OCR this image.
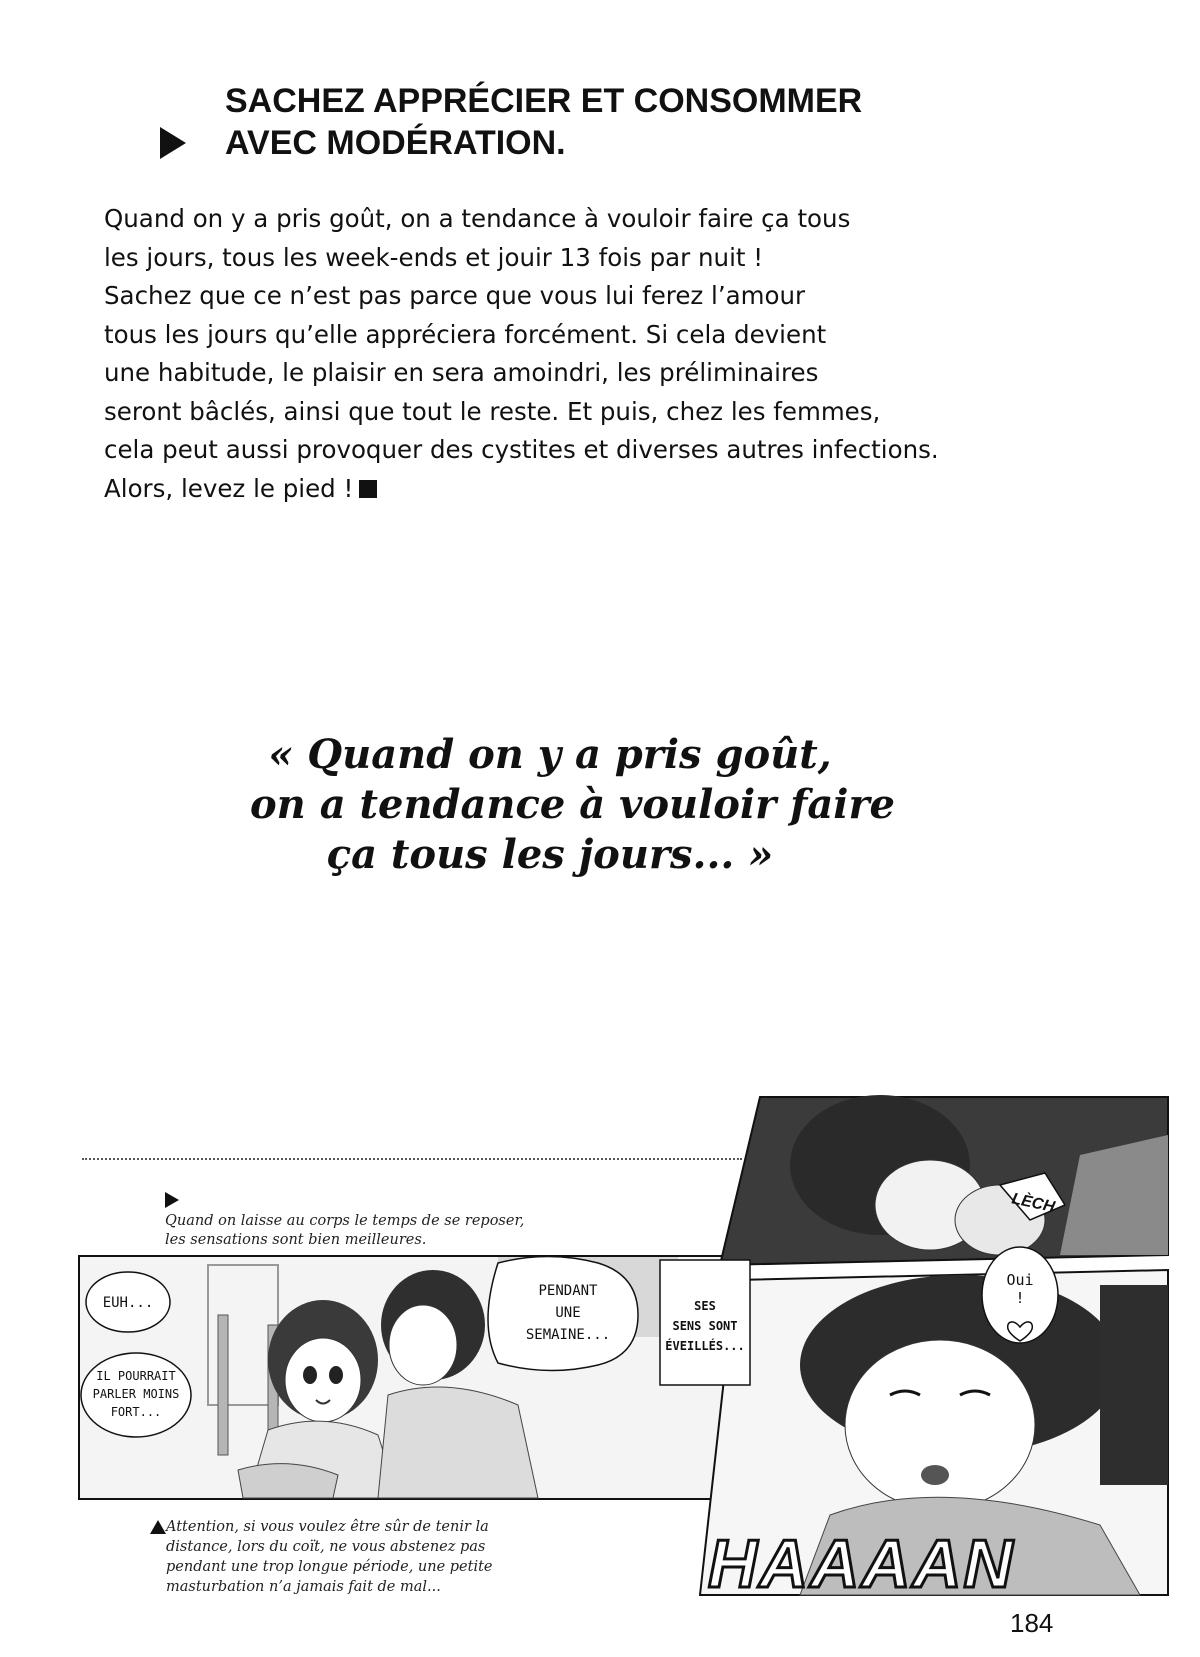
SACHEZ APPRÉCIER ET CONSOMMER
AVEC MODÉRATION.
Quand on y a pris goût, on a tendance à vouloir faire ça tous
les jours, tous les week-ends et jouir 13 fois par nuit !
Sachez que ce n’est pas parce que vous lui ferez l’amour
tous les jours qu’elle appréciera forcément. Si cela devient
une habitude, le plaisir en sera amoindri, les préliminaires
seront bâclés, ainsi que tout le reste. Et puis, chez les femmes,
cela peut aussi provoquer des cystites et diverses autres infections.
Alors, levez le pied !
« Quand on y a pris goût,
on a tendance à vouloir faire
ça tous les jours... »
Quand on laisse au corps le temps de se reposer,
les sensations sont bien meilleures.
EUH...
IL POURRAIT
PARLER MOINS
FORT...
PENDANT
UNE
SEMAINE...
Attention, si vous voulez être sûr de tenir la
distance, lors du coït, ne vous abstenez pas
pendant une trop longue période, une petite
masturbation n’a jamais fait de mal...
LÈCH
SES
SENS SONT
ÉVEILLÉS...
Oui
!
HAAAAN
184
